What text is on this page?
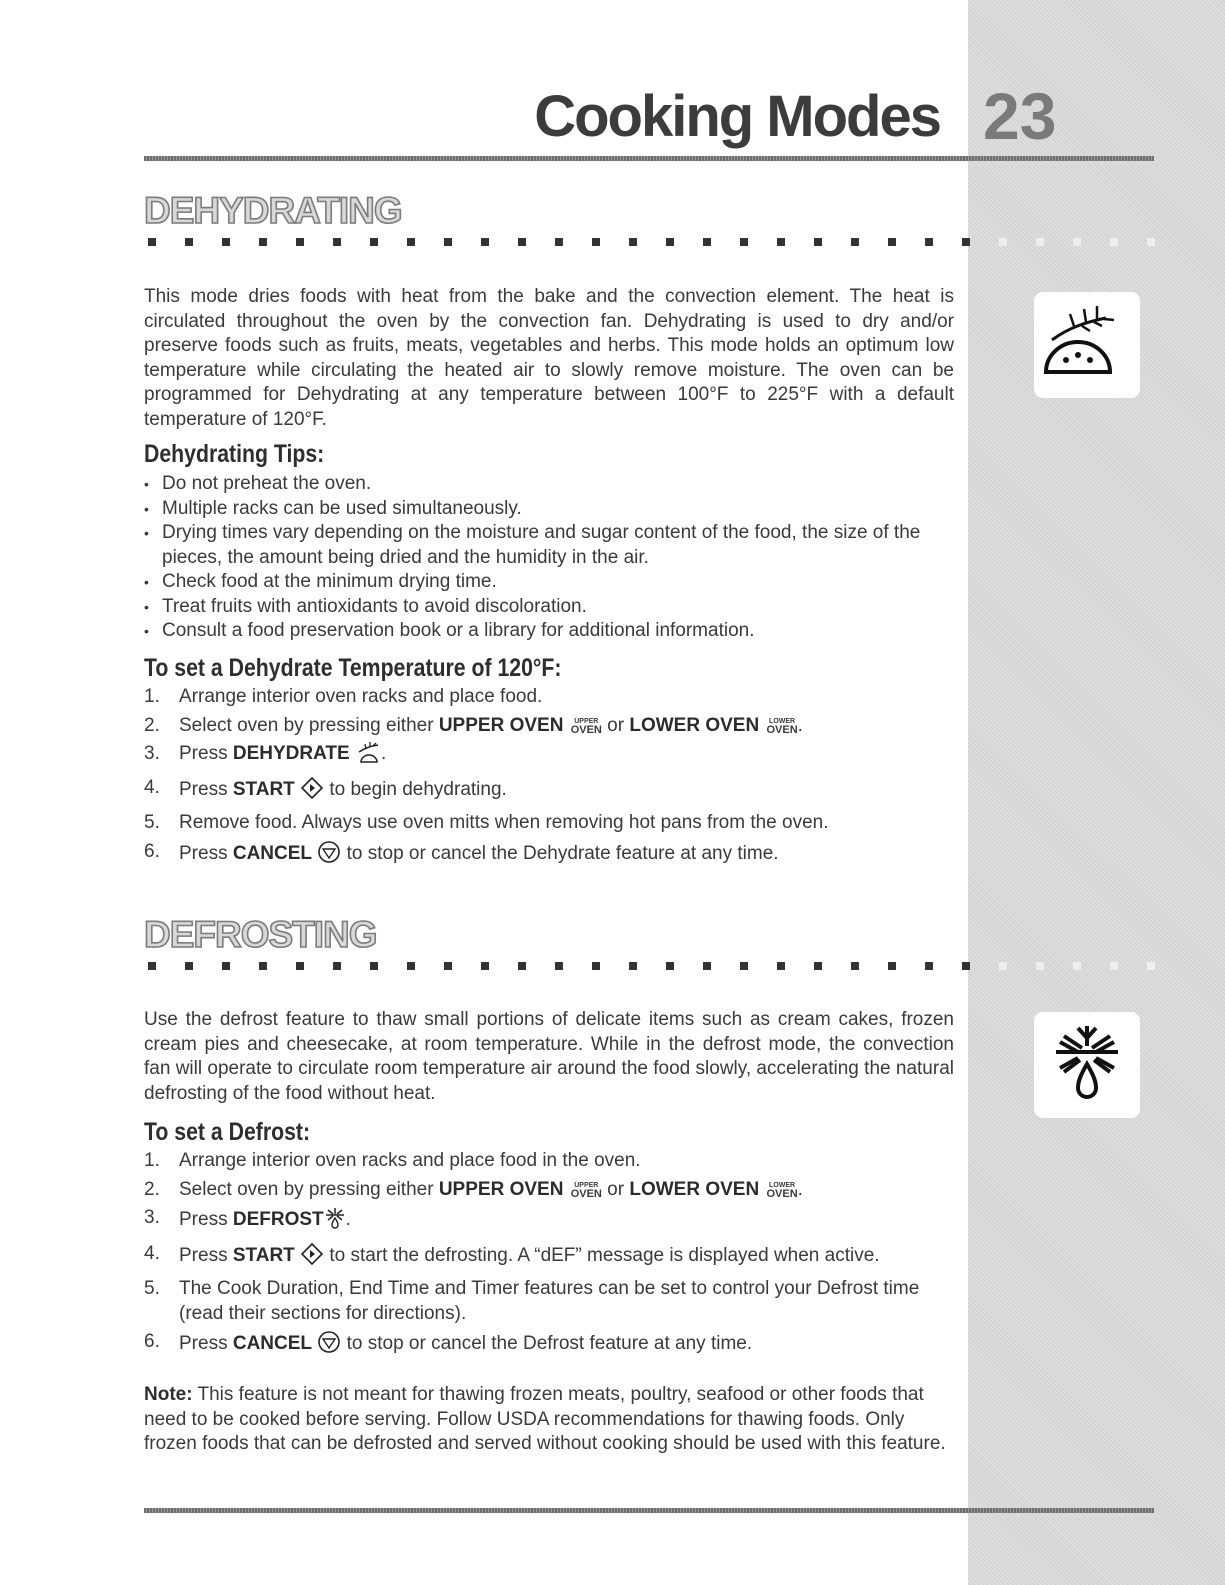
Cooking Modes 23
DEHYDRATING

This mode dries foods with heat from the bake and the convection element. The heat is circulated throughout the oven by the convection fan. Dehydrating is used to dry and/or preserve foods such as fruits, meats, vegetables and herbs. This mode holds an optimum low temperature while circulating the heated air to slowly remove moisture. The oven can be programmed for Dehydrating at any temperature between 100°F to 225°F with a default temperature of 120°F.

Dehydrating Tips:
• Do not preheat the oven.
• Multiple racks can be used simultaneously.
• Drying times vary depending on the moisture and sugar content of the food, the size of the pieces, the amount being dried and the humidity in the air.
• Check food at the minimum drying time.
• Treat fruits with antioxidants to avoid discoloration.
• Consult a food preservation book or a library for additional information.
To set a Dehydrate Temperature of 120°F:
1. Arrange interior oven racks and place food.
2. Select oven by pressing either UPPER OVEN	UPPER
OVEN or LOWER OVEN	LOWER
OVEN .
3. Press DEHYDRATE .
4. Press START to begin dehydrating.
5. Remove food. Always use oven mitts when removing hot pans from the oven.
6. Press CANCEL to stop or cancel the Dehydrate feature at any time.
DEFROSTING

Use the defrost feature to thaw small portions of delicate items such as cream cakes, frozen cream pies and cheesecake, at room temperature. While in the defrost mode, the convection fan will operate to circulate room temperature air around the food slowly, accelerating the natural defrosting of the food without heat.

To set a Defrost:
1. Arrange interior oven racks and place food in the oven.
2. Select oven by pressing either UPPER OVEN	UPPER
OVEN or LOWER OVEN	LOWER
OVEN .
3. Press DEFROST .
4. Press START to start the defrosting. A “dEF” message is displayed when active.
5. The Cook Duration, End Time and Timer features can be set to control your Defrost time (read their sections for directions).
6. Press CANCEL to stop or cancel the Defrost feature at any time.

Note: This feature is not meant for thawing frozen meats, poultry, seafood or other foods that need to be cooked before serving. Follow USDA recommendations for thawing foods. Only frozen foods that can be defrosted and served without cooking should be used with this feature.
